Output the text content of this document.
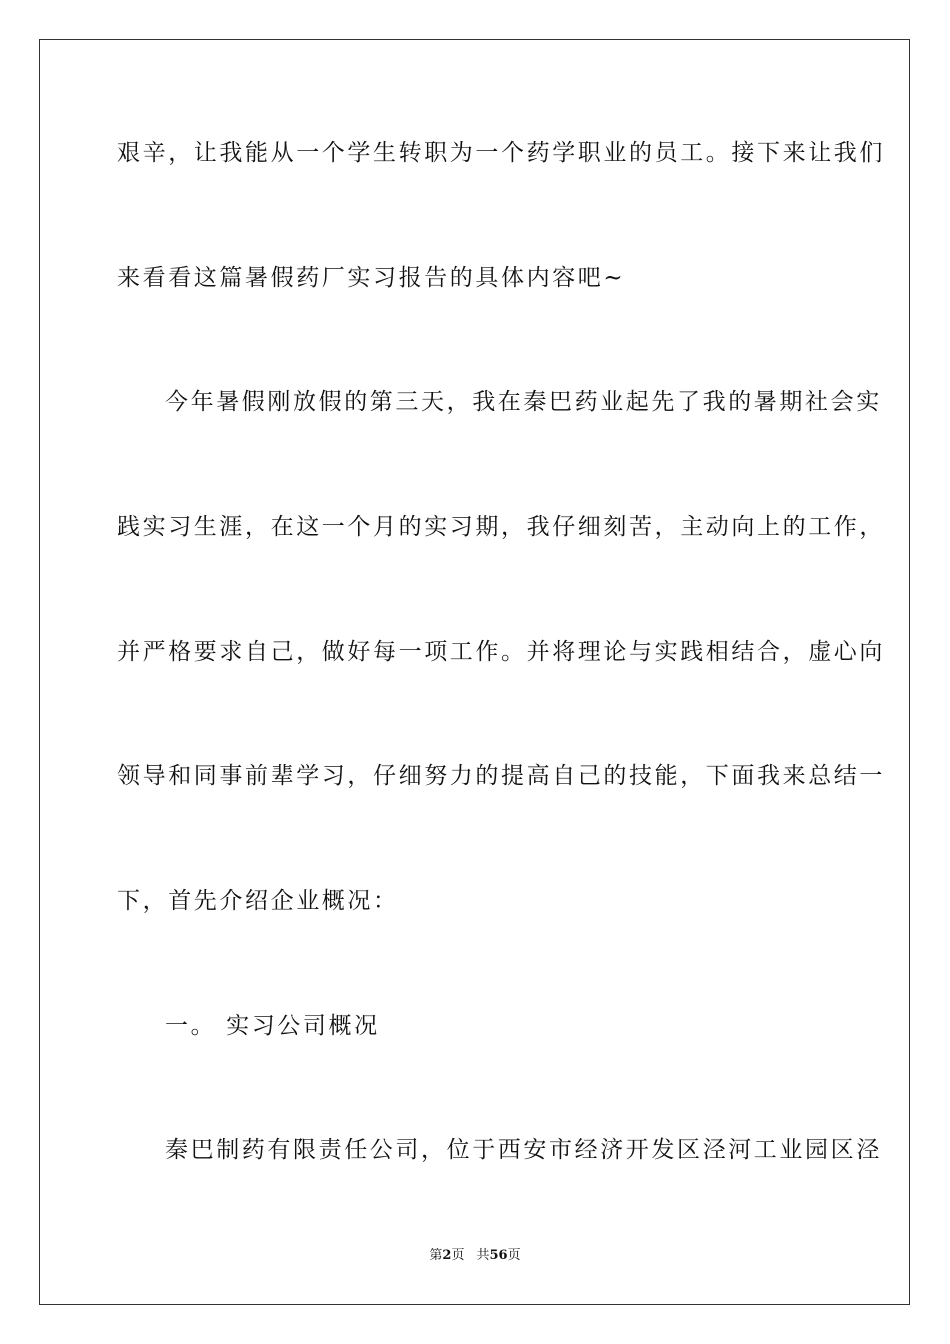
艰辛，让我能从一个学生转职为一个药学职业的员工。接下来让我们
来看看这篇暑假药厂实习报告的具体内容吧~
今年暑假刚放假的第三天，我在秦巴药业起先了我的暑期社会实
践实习生涯，在这一个月的实习期，我仔细刻苦，主动向上的工作，
并严格要求自己，做好每一项工作。并将理论与实践相结合，虚心向
领导和同事前辈学习，仔细努力的提高自己的技能，下面我来总结一
下，首先介绍企业概况：
一。 实习公司概况
秦巴制药有限责任公司，位于西安市经济开发区泾河工业园区泾
第2页 共56页
